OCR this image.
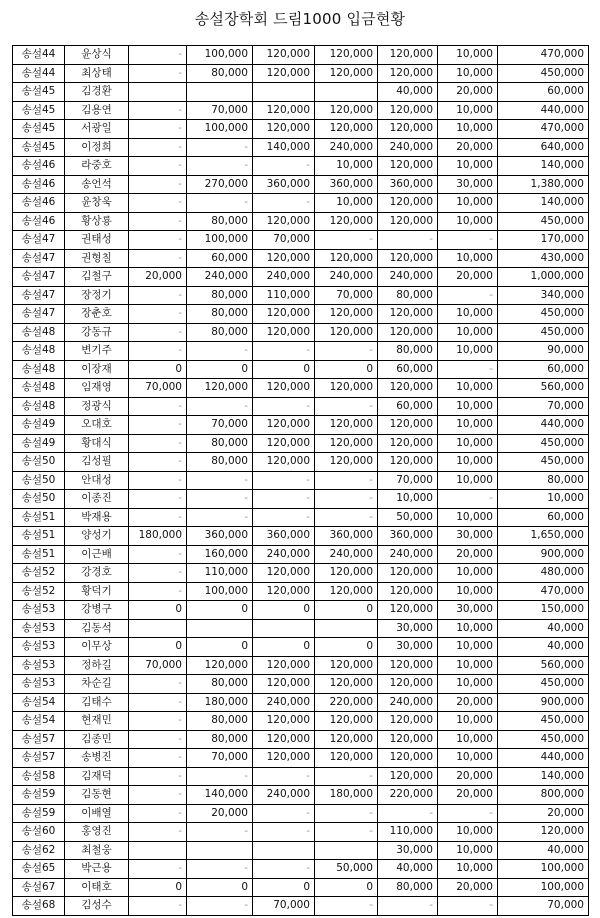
송설장학회 드림1000 입금현황
송설44	윤상식	-	100,000	120,000	120,000	120,000	10,000	470,000
송설44	최상태	-	80,000	120,000	120,000	120,000	10,000	450,000
송설45	김경환					40,000	20,000	60,000
송설45	김용연	-	70,000	120,000	120,000	120,000	10,000	440,000
송설45	서광일	-	100,000	120,000	120,000	120,000	10,000	470,000
송설45	이정희	-	-	140,000	240,000	240,000	20,000	640,000
송설46	라중호	-	-	-	10,000	120,000	10,000	140,000
송설46	송언석	-	270,000	360,000	360,000	360,000	30,000	1,380,000
송설46	윤창욱	-	-	-	10,000	120,000	10,000	140,000
송설46	황상룡	-	80,000	120,000	120,000	120,000	10,000	450,000
송설47	권태성	-	100,000	70,000	-	-	-	170,000
송설47	권형칠	-	60,000	120,000	120,000	120,000	10,000	430,000
송설47	김철구	20,000	240,000	240,000	240,000	240,000	20,000	1,000,000
송설47	장정기	-	80,000	110,000	70,000	80,000	-	340,000
송설47	장춘호	-	80,000	120,000	120,000	120,000	10,000	450,000
송설48	강동규	-	80,000	120,000	120,000	120,000	10,000	450,000
송설48	변기주	-	-	-	-	80,000	10,000	90,000
송설48	이장재	0	0	0	0	60,000	-	60,000
송설48	임재영	70,000	120,000	120,000	120,000	120,000	10,000	560,000
송설48	정광식	-	-	-	-	60,000	10,000	70,000
송설49	오대호	-	70,000	120,000	120,000	120,000	10,000	440,000
송설49	황대식	-	80,000	120,000	120,000	120,000	10,000	450,000
송설50	김성필	-	80,000	120,000	120,000	120,000	10,000	450,000
송설50	안대성	-	-	-	-	70,000	10,000	80,000
송설50	이종진	-	-	-	-	10,000	-	10,000
송설51	박재용	-	-	-	-	50,000	10,000	60,000
송설51	양성기	180,000	360,000	360,000	360,000	360,000	30,000	1,650,000
송설51	이근배	-	160,000	240,000	240,000	240,000	20,000	900,000
송설52	강경호	-	110,000	120,000	120,000	120,000	10,000	480,000
송설52	황덕기	-	100,000	120,000	120,000	120,000	10,000	470,000
송설53	강병구	0	0	0	0	120,000	30,000	150,000
송설53	김동석					30,000	10,000	40,000
송설53	이무상	0	0	0	0	30,000	10,000	40,000
송설53	정하길	70,000	120,000	120,000	120,000	120,000	10,000	560,000
송설53	차순길	-	80,000	120,000	120,000	120,000	10,000	450,000
송설54	김태수	-	180,000	240,000	220,000	240,000	20,000	900,000
송설54	현재민	-	80,000	120,000	120,000	120,000	10,000	450,000
송설57	김종민	-	80,000	120,000	120,000	120,000	10,000	450,000
송설57	송병진	-	70,000	120,000	120,000	120,000	10,000	440,000
송설58	김재덕	-	-	-	-	120,000	20,000	140,000
송설59	김동현	-	140,000	240,000	180,000	220,000	20,000	800,000
송설59	이배열	-	20,000	-	-	-	-	20,000
송설60	홍영진	-	-	-	-	110,000	10,000	120,000
송설62	최철웅					30,000	10,000	40,000
송설65	박근용	-	-	-	50,000	40,000	10,000	100,000
송설67	이태호	0	0	0	0	80,000	20,000	100,000
송설68	김성수	-	-	70,000	-	-	-	70,000
